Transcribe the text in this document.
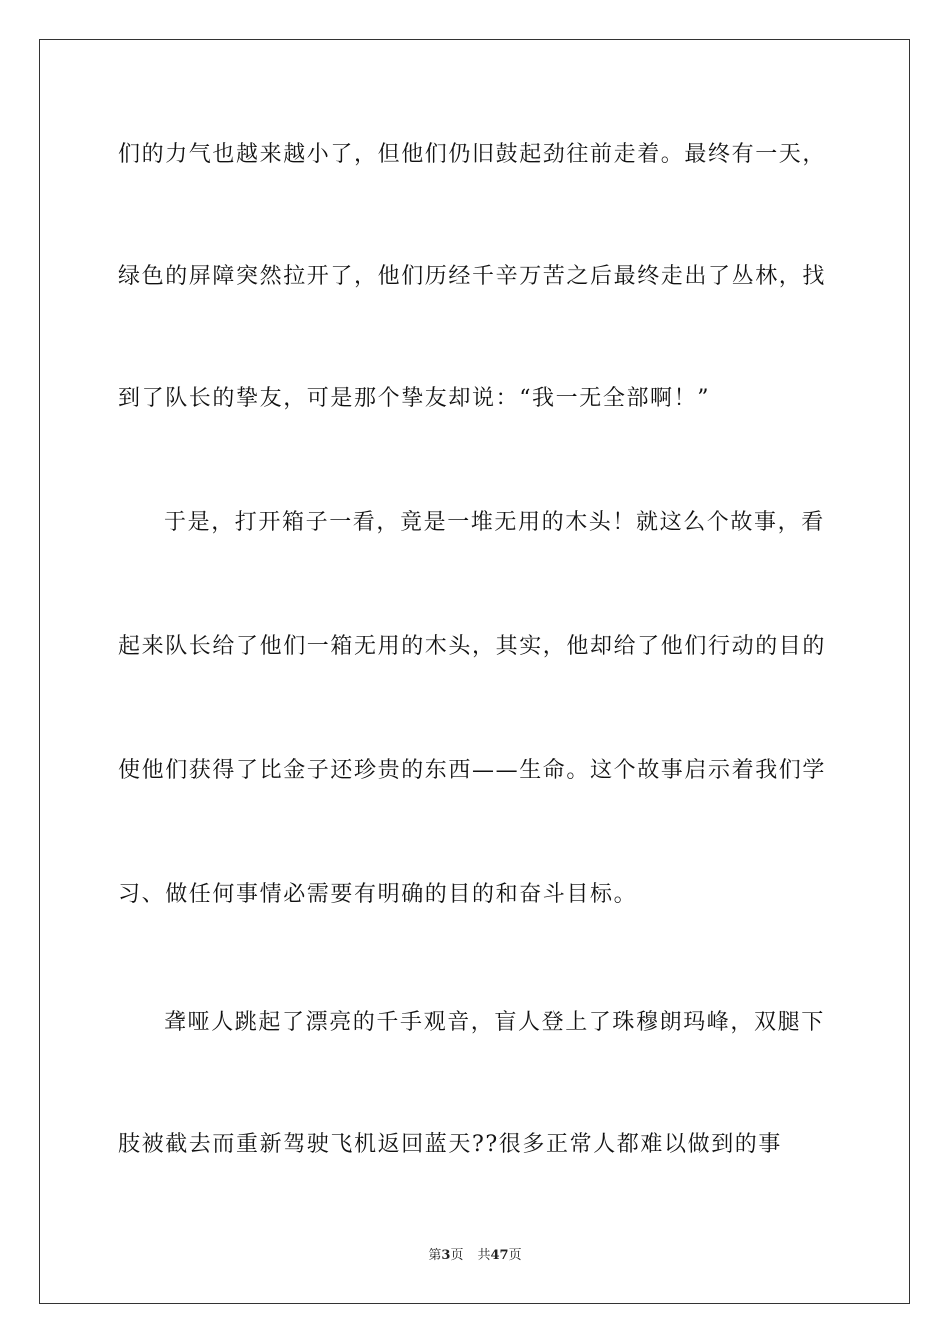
们的力气也越来越小了，但他们仍旧鼓起劲往前走着。最终有一天，
绿色的屏障突然拉开了，他们历经千辛万苦之后最终走出了丛林，找
到了队长的挚友，可是那个挚友却说：“我一无全部啊！”
于是，打开箱子一看，竟是一堆无用的木头！就这么个故事，看
起来队长给了他们一箱无用的木头，其实，他却给了他们行动的目的
使他们获得了比金子还珍贵的东西——生命。这个故事启示着我们学
习、做任何事情必需要有明确的目的和奋斗目标。
聋哑人跳起了漂亮的千手观音，盲人登上了珠穆朗玛峰，双腿下
肢被截去而重新驾驶飞机返回蓝天??很多正常人都难以做到的事
第3页 共47页
